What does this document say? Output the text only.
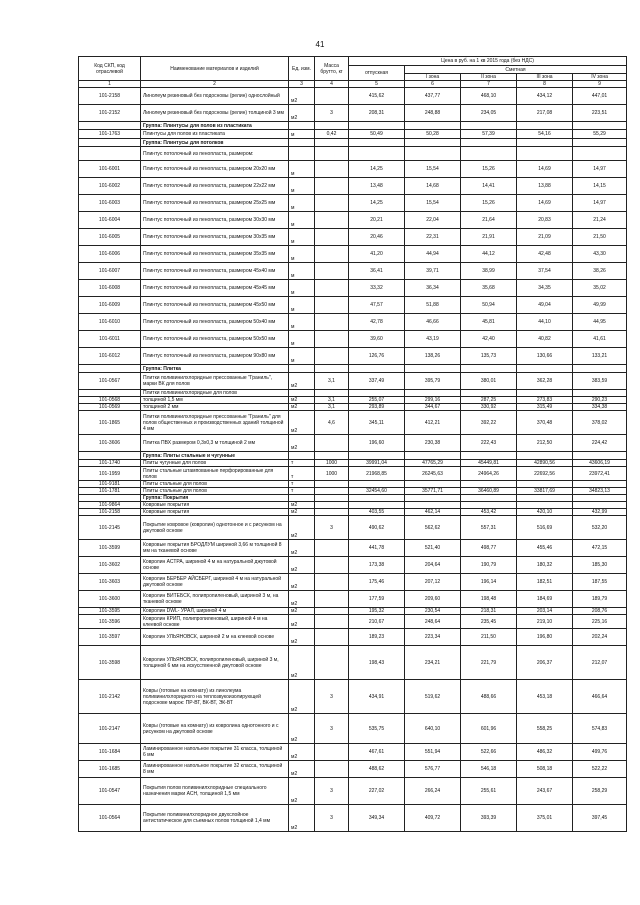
41
Код СКП, код отраслевой	Наименование материалов и изделий	Ед. изм.	Масса брутто, кг	Цена в руб. на 1 кв 2015 года (без НДС)				
				отпускная	Сметная			
					I зона	II зона	III зона	IV зона

1	2	3	4	5	6	7	8	9
101-2158	Линолеум резиновый без подосновы (релин) одноcлойный	м2		415,62	437,77	468,10	434,12	447,01
101-2152	Линолеум резиновый без подосновы (релин) толщиной 3 мм	м2	3	208,31	248,88	234,05	217,08	223,51
	Группа: Плинтусы для полов из пластиката							
101-1763	Плинтусы для полов из пластиката	м	0,42	50,49	50,28	57,39	54,16	55,29
	Группа: Плинтусы для потолков							
	Плинтус потолочный из пенопласта, размером:							
101-6001	Плинтус потолочный из пенопласта, размером 20х20 мм	м		14,25	15,54	15,26	14,69	14,97
101-6002	Плинтус потолочный из пенопласта, размером 22х22 мм	м		13,48	14,68	14,41	13,88	14,15
101-6003	Плинтус потолочный из пенопласта, размером 25х25 мм	м		14,25	15,54	15,26	14,69	14,97
101-6004	Плинтус потолочный из пенопласта, размером 30х30 мм	м		20,21	22,04	21,64	20,83	21,24
101-6005	Плинтус потолочный из пенопласта, размером 30х35 мм	м		20,46	22,31	21,91	21,09	21,50
101-6006	Плинтус потолочный из пенопласта, размером 35х35 мм	м		41,20	44,94	44,12	42,48	43,30
101-6007	Плинтус потолочный из пенопласта, размером 45х40 мм	м		36,41	39,71	38,99	37,54	38,26
101-6008	Плинтус потолочный из пенопласта, размером 45х45 мм	м		33,32	36,34	35,68	34,35	35,02
101-6009	Плинтус потолочный из пенопласта, размером 45х50 мм	м		47,57	51,88	50,94	49,04	49,99
101-6010	Плинтус потолочный из пенопласта, размером 50х40 мм	м		42,78	46,66	45,81	44,10	44,95
101-6011	Плинтус потолочный из пенопласта, размером 50х50 мм	м		39,60	43,19	42,40	40,82	41,61
101-6012	Плинтус потолочный из пенопласта, размером 90х80 мм	м		126,76	138,26	135,73	130,66	133,21
	Группа: Плитка							
101-0567	Плитки поливинилхлоридные прессованные "Граниль", марки ВК для полов	м2	3,1	337,49	395,79	380,01	362,28	383,59
	Плитки поливинилхлоридные для полов							
101-0568	толщиной 1,5 мм	м2	3,1	255,07	299,16	287,25	273,83	290,23
101-0569	толщиной 2 мм	м2	3,1	293,89	344,67	330,92	315,49	334,38
101-1865	Плитки поливинилхлоридные прессованные "Граниль" для полов общественных и производственных зданий толщиной 4 мм	м2	4,6	345,11	412,21	392,22	370,48	378,02
101-3606	Плитка ПВХ размером 0,3х0,3 м толщиной 2 мм	м2		196,60	230,38	222,43	212,50	224,42
	Группа: Плиты стальные и чугунные							
101-1740	Плиты чугунные для полов	т	1000	39991,04	47765,29	45449,81	42890,56	43606,19
101-1959	Плиты стальные штампованные перфорированные для полов	т	1000	21968,85	26245,63	24964,26	22692,56	23972,41
101-9181	Плиты стальные для полов	т						
101-1781	Плиты стальные для полов	т		32454,60	35771,71	36460,89	33817,69	34823,13
	Группа: Покрытия							
101-9864	Ковровые покрытия	м2						
101-2158	Ковровые покрытия	м2		403,55	462,14	453,42	420,10	432,99
101-2145	Покрытие ковровое (ковролин) однотонное и с рисунком на джутовой основе	м2	3	490,62	562,62	557,31	516,69	532,20
101-3599	Ковровые покрытия БРОДЛУМ шириной 3,66 м толщиной 8 мм на тканевой основе	м2		441,78	521,40	498,77	455,46	472,15
101-3602	Ковролин АСТРА, шириной 4 м на натуральной джутовой основе	м2		173,38	204,64	190,79	180,32	185,30
101-3603	Ковролин БЕРБЕР АЙСБЕРГ, шириной 4 м на натуральной джутовой основе	м2		175,46	207,12	196,14	182,51	187,55
101-3600	Ковролин ВИТЕБСК, полипропиленовый, шириной 3 м, на тканевой основе	м2		177,59	209,60	198,48	184,69	189,79
101-3595	Ковролин DWL- УРАЛ, шириной 4 м	м2		195,32	230,54	218,31	203,14	208,76
101-3596	Ковролин КРИП, полипропиленовый, шириной 4 м на клеевой основе	м2		210,67	248,64	235,45	219,10	225,16
101-3597	Ковролин УЛЬЯНОВСК, шириной 2 м на клеевой основе	м2		189,23	223,34	211,50	196,80	202,24
101-3598	Ковролин УЛЬЯНОВСК, полипропиленовый, шириной 3 м, толщиной 6 мм на искусственной джутовой основе	м2		198,43	234,21	221,79	206,37	212,07
101-2142	Ковры (готовые на комнату) из линолеума поливинилхлоридного на теплозвукоизолирующей подоснове марок: ПР-ВТ, ВК-ВТ, ЭК-ВТ	м2	3	434,91	519,62	488,66	453,18	466,64
101-2147	Ковры (готовые на комнату) из ковролина однотонного и с рисунком на джутовой основе	м2	3	535,75	640,10	601,96	558,25	574,83
101-1684	Ламинированное напольное покрытие 31 класса, толщиной 6 мм	м2		467,61	551,94	522,66	486,32	499,76
101-1685	Ламинированное напольное покрытие 32 класса, толщиной 8 мм	м2		488,62	576,77	546,18	508,18	522,22
101-0547	Покрытия полов поливинилхлоридные специального назначения марки АСН, толщиной 1,5 мм	м2	3	227,02	266,24	255,61	243,67	258,29
101-0564	Покрытие поливинилхлоридное двухслойное антистатическое для съемных полов толщиной 1,4 мм	м2	3	349,34	409,72	393,39	375,01	397,45
